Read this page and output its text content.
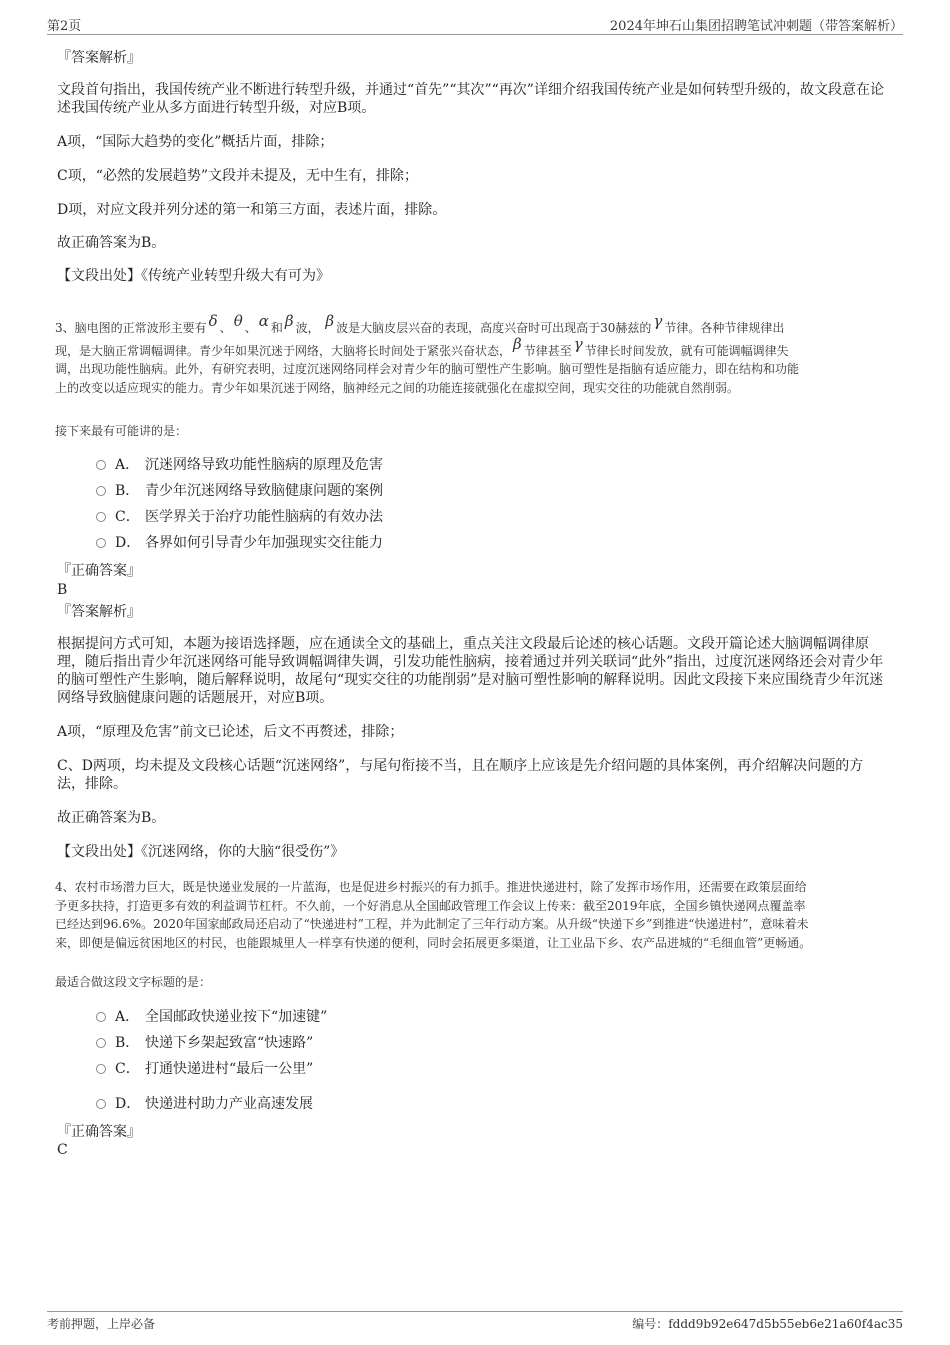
第2页	2024年坤石山集团招聘笔试冲刺题（带答案解析）
『答案解析』
文段首句指出，我国传统产业不断进行转型升级，并通过“首先”“其次”“再次”详细介绍我国传统产业是如何转型升级的，故文段意在论述我国传统产业从多方面进行转型升级，对应B项。
A项，“国际大趋势的变化”概括片面，排除；
C项，“必然的发展趋势”文段并未提及，无中生有，排除；
D项，对应文段并列分述的第一和第三方面，表述片面，排除。
故正确答案为B。
【文段出处】《传统产业转型升级大有可为》
3、脑电图的正常波形主要有 δ 、 θ 、 α 和 β 波， β 波是大脑皮层兴奋的表现，高度兴奋时可出现高于30赫兹的 γ 节律。各种节律规律出
现，是大脑正常调幅调律。青少年如果沉迷于网络，大脑将长时间处于紧张兴奋状态， β 节律甚至 γ 节律长时间发放，就有可能调幅调律失
调，出现功能性脑病。此外，有研究表明，过度沉迷网络同样会对青少年的脑可塑性产生影响。脑可塑性是指脑有适应能力，即在结构和功能
上的改变以适应现实的能力。青少年如果沉迷于网络，脑神经元之间的功能连接就强化在虚拟空间，现实交往的功能就自然削弱。
接下来最有可能讲的是：
A． 沉迷网络导致功能性脑病的原理及危害
B． 青少年沉迷网络导致脑健康问题的案例
C． 医学界关于治疗功能性脑病的有效办法
D． 各界如何引导青少年加强现实交往能力
『正确答案』
B
『答案解析』
根据提问方式可知，本题为接语选择题，应在通读全文的基础上，重点关注文段最后论述的核心话题。文段开篇论述大脑调幅调律原理，随后指出青少年沉迷网络可能导致调幅调律失调，引发功能性脑病，接着通过并列关联词“此外”指出，过度沉迷网络还会对青少年的脑可塑性产生影响，随后解释说明，故尾句“现实交往的功能削弱”是对脑可塑性影响的解释说明。因此文段接下来应围绕青少年沉迷网络导致脑健康问题的话题展开，对应B项。
A项，“原理及危害”前文已论述，后文不再赘述，排除；
C、D两项，均未提及文段核心话题“沉迷网络”，与尾句衔接不当，且在顺序上应该是先介绍问题的具体案例，再介绍解决问题的方法，排除。
故正确答案为B。
【文段出处】《沉迷网络，你的大脑“很受伤”》
4、农村市场潜力巨大，既是快递业发展的一片蓝海，也是促进乡村振兴的有力抓手。推进快递进村，除了发挥市场作用，还需要在政策层面给
予更多扶持，打造更多有效的利益调节杠杆。不久前，一个好消息从全国邮政管理工作会议上传来：截至2019年底，全国乡镇快递网点覆盖率
已经达到96.6%。2020年国家邮政局还启动了“快递进村”工程，并为此制定了三年行动方案。从升级“快递下乡”到推进“快递进村”，意味着未
来，即便是偏远贫困地区的村民，也能跟城里人一样享有快递的便利，同时会拓展更多渠道，让工业品下乡、农产品进城的“毛细血管”更畅通。
最适合做这段文字标题的是：
A． 全国邮政快递业按下“加速键”
B． 快递下乡架起致富“快速路”
C． 打通快递进村“最后一公里”
D． 快递进村助力产业高速发展
『正确答案』
C
考前押题，上岸必备	编号：fddd9b92e647d5b55eb6e21a60f4ac35
